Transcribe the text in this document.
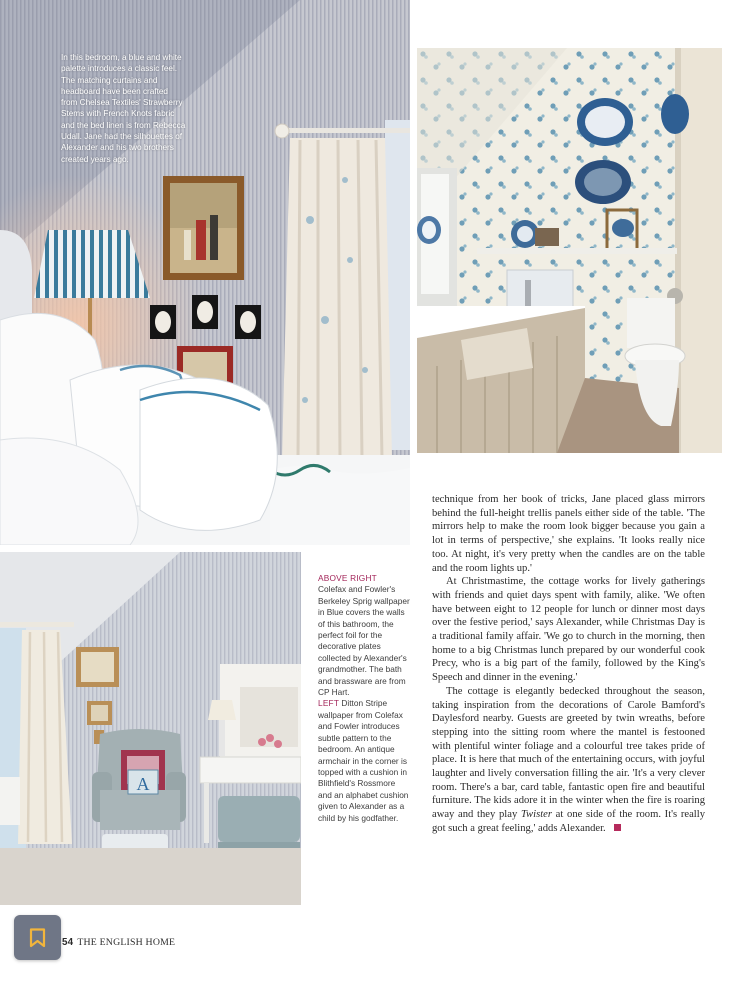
In this bedroom, a blue and white palette introduces a classic feel. The matching curtains and headboard have been crafted from Chelsea Textiles' Strawberry Stems with French Knots fabric and the bed linen is from Rebecca Udall. Jane had the silhouettes of Alexander and his two brothers created years ago.
A
ABOVE RIGHT
Colefax and Fowler's Berkeley Sprig wallpaper in Blue covers the walls of this bathroom, the perfect foil for the decorative plates collected by Alexander's grandmother. The bath and brassware are from CP Hart.
LEFT Ditton Stripe wallpaper from Colefax and Fowler introduces subtle pattern to the bedroom. An antique armchair in the corner is topped with a cushion in Blithfield's Rossmore and an alphabet cushion given to Alexander as a child by his godfather.

technique from her book of tricks, Jane placed glass mirrors behind the full-height trellis panels either side of the table. 'The mirrors help to make the room look bigger because you gain a lot in terms of perspective,' she explains. 'It looks really nice too. At night, it's very pretty when the candles are on the table and the room lights up.'

At Christmastime, the cottage works for lively gatherings with friends and quiet days spent with family, alike. 'We often have between eight to 12 people for lunch or dinner most days over the festive period,' says Alexander, while Christmas Day is a traditional family affair. 'We go to church in the morning, then home to a big Christmas lunch prepared by our wonderful cook Precy, who is a big part of the family, followed by the King's Speech and dinner in the evening.'

The cottage is elegantly bedecked throughout the season, taking inspiration from the decorations of Carole Bamford's Daylesford nearby. Guests are greeted by twin wreaths, before stepping into the sitting room where the mantel is festooned with plentiful winter foliage and a colourful tree takes pride of place. It is here that much of the entertaining occurs, with joyful laughter and lively conversation filling the air. 'It's a very clever room. There's a bar, card table, fantastic open fire and beautiful furniture. The kids adore it in the winter when the fire is roaring away and they play Twister at one side of the room. It's really got such a great feeling,' adds Alexander.

54 THE ENGLISH HOME
